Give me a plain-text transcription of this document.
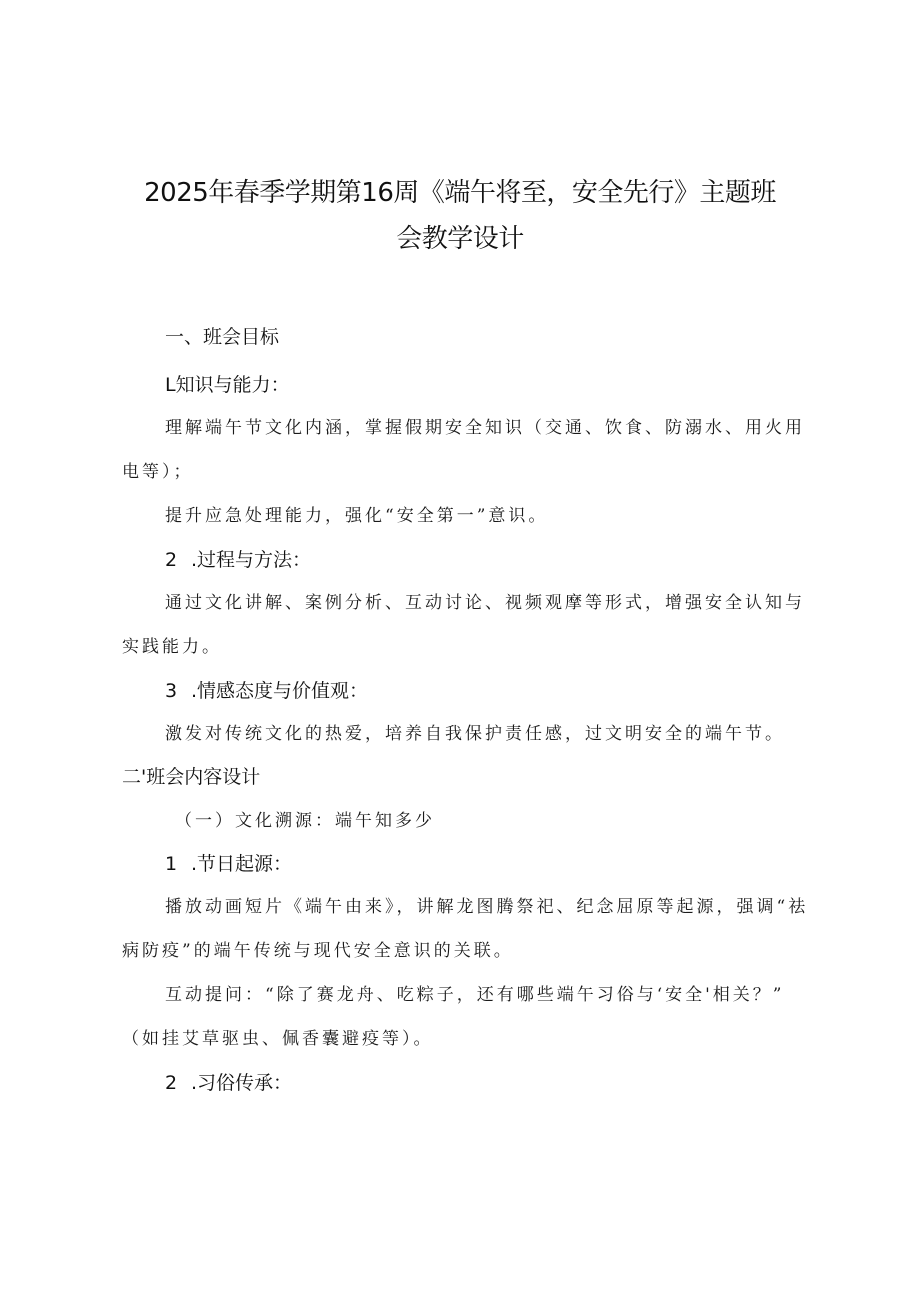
2025年春季学期第16周《端午将至，安全先行》主题班
会教学设计
一、班会目标
L知识与能力：
理解端午节文化内涵，掌握假期安全知识（交通、饮食、防溺水、用火用
电等）；
提升应急处理能力，强化“安全第一”意识。
2 .过程与方法：
通过文化讲解、案例分析、互动讨论、视频观摩等形式，增强安全认知与
实践能力。
3 .情感态度与价值观：
激发对传统文化的热爱，培养自我保护责任感，过文明安全的端午节。
二'班会内容设计
（一）文化溯源：端午知多少
1 .节日起源：
播放动画短片《端午由来》，讲解龙图腾祭祀、纪念屈原等起源，强调“祛
病防疫”的端午传统与现代安全意识的关联。
互动提问：“除了赛龙舟、吃粽子，还有哪些端午习俗与‘安全'相关？”
（如挂艾草驱虫、佩香囊避疫等）。
2 .习俗传承：
